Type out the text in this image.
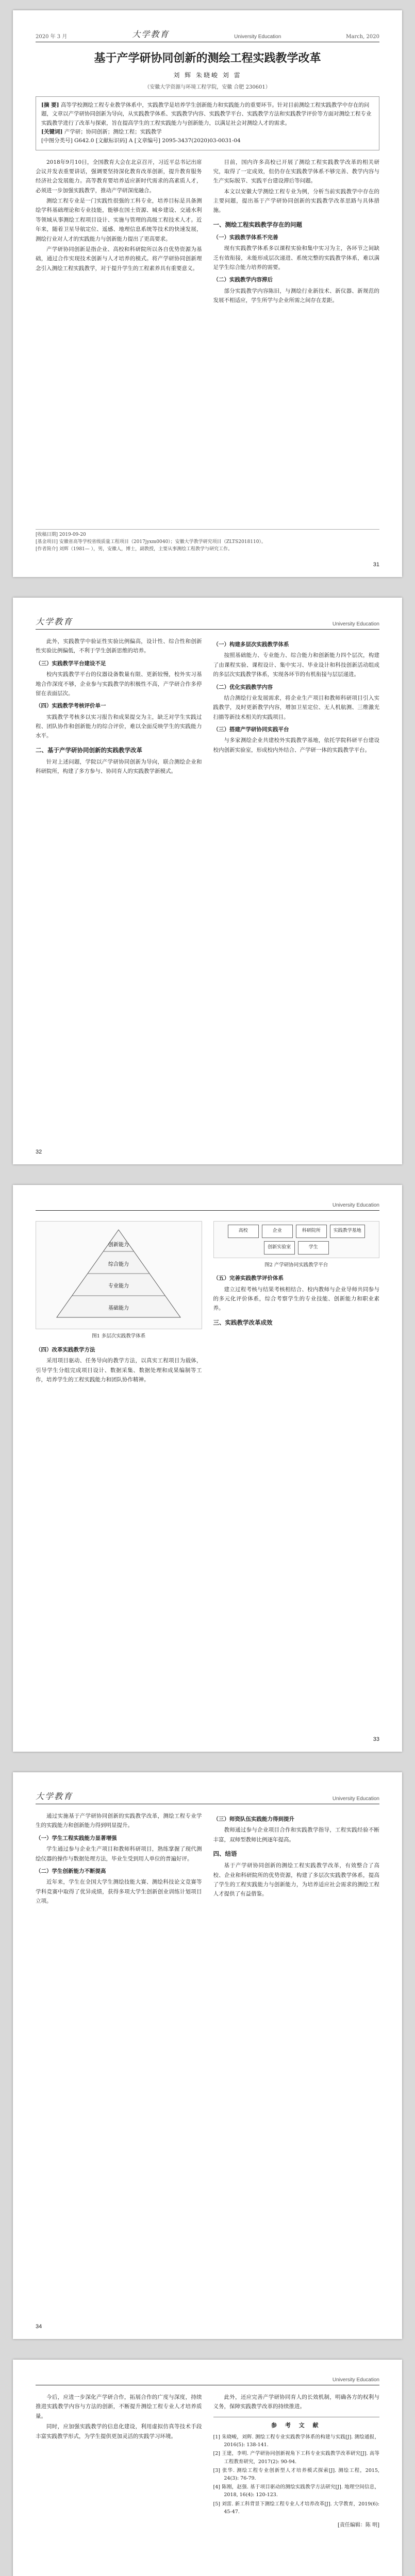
2020 年 3 月	大学教育	University Education	March, 2020
基于产学研协同创新的测绘工程实践教学改革
刘 辉 朱晓峻 刘 雷
（安徽大学资源与环境工程学院，安徽 合肥 230601）
[摘 要] 高等学校测绘工程专业教学体系中，实践教学是培养学生创新能力和实践能力的重要环节。针对目前测绘工程实践教学中存在的问题，文章以产学研协同创新为导向，从实践教学体系、实践教学内容、实践教学平台、实践教学方法和实践教学评价等方面对测绘工程专业实践教学进行了改革与探索，旨在提高学生的工程实践能力与创新能力，以满足社会对测绘人才的需求。
[关键词] 产学研；协同创新；测绘工程；实践教学
[中图分类号] G642.0 [文献标识码] A [文章编号] 2095-3437(2020)03-0031-04

2018年9月10日，全国教育大会在北京召开，习近平总书记出席会议并发表重要讲话，强调要坚持深化教育改革创新，提升教育服务经济社会发展能力。高等教育要培养适应新时代需求的高素质人才，必须进一步加强实践教学，推动产学研深度融合。

测绘工程专业是一门实践性很强的工科专业，培养目标是具备测绘学科基础理论和专业技能，能够在国土资源、城乡建设、交通水利等领域从事测绘工程项目设计、实施与管理的高级工程技术人才。近年来，随着卫星导航定位、遥感、地理信息系统等技术的快速发展，测绘行业对人才的实践能力与创新能力提出了更高要求。

产学研协同创新是指企业、高校和科研院所以各自优势资源为基础，通过合作实现技术创新与人才培养的模式。将产学研协同创新理念引入测绘工程实践教学，对于提升学生的工程素养具有重要意义。

目前，国内许多高校已开展了测绘工程实践教学改革的相关研究，取得了一定成效，但仍存在实践教学体系不够完善、教学内容与生产实际脱节、实践平台建设滞后等问题。

本文以安徽大学测绘工程专业为例，分析当前实践教学中存在的主要问题，提出基于产学研协同创新的实践教学改革思路与具体措施。

一、测绘工程实践教学存在的问题
（一）实践教学体系不完善

现有实践教学体系多以课程实验和集中实习为主，各环节之间缺乏有效衔接，未能形成层次递进、系统完整的实践教学体系，难以满足学生综合能力培养的需要。

（二）实践教学内容滞后

部分实践教学内容陈旧，与测绘行业新技术、新仪器、新规范的发展不相适应，学生所学与企业所需之间存在差距。

[收稿日期] 2019-09-20
[基金项目] 安徽省高等学校省级质量工程项目（2017jyxm0040）；安徽大学教学研究项目（ZLTS2018110）。
[作者简介] 刘辉（1981— ），男，安徽人，博士，副教授，主要从事测绘工程教学与研究工作。
31
大学教育	University Education

此外，实践教学中验证性实验比例偏高，设计性、综合性和创新性实验比例偏低，不利于学生创新思维的培养。

（三）实践教学平台建设不足

校内实践教学平台的仪器设备数量有限、更新较慢，校外实习基地合作深度不够，企业参与实践教学的积极性不高，产学研合作多停留在表面层次。

（四）实践教学考核评价单一

实践教学考核多以实习报告和成果提交为主，缺乏对学生实践过程、团队协作和创新能力的综合评价，难以全面反映学生的实践能力水平。

二、基于产学研协同创新的实践教学改革

针对上述问题，学院以产学研协同创新为导向，联合测绘企业和科研院所，构建了多方参与、协同育人的实践教学新模式。

（一）构建多层次实践教学体系

按照基础能力、专业能力、综合能力和创新能力四个层次，构建了由课程实验、课程设计、集中实习、毕业设计和科技创新活动组成的多层次实践教学体系，实现各环节的有机衔接与层层递进。

（二）优化实践教学内容

结合测绘行业发展需求，将企业生产项目和教师科研项目引入实践教学，及时更新教学内容，增加卫星定位、无人机航测、三维激光扫描等新技术相关的实践项目。

（三）搭建产学研协同实践平台

与多家测绘企业共建校外实践教学基地，依托学院科研平台建设校内创新实验室，形成校内外结合、产学研一体的实践教学平台。

32
University Education
创新能力
综合能力
专业能力
基础能力
图1 多层次实践教学体系
（四）改革实践教学方法

采用项目驱动、任务导向的教学方法，以真实工程项目为载体，引导学生分组完成项目设计、数据采集、数据处理和成果编制等工作，培养学生的工程实践能力和团队协作精神。

高校	企业	科研院所	实践教学基地
创新实验室	学生
图2 产学研协同实践教学平台
（五）完善实践教学评价体系

建立过程考核与结果考核相结合、校内教师与企业导师共同参与的多元化评价体系，综合考察学生的专业技能、创新能力和职业素养。

三、实践教学改革成效
33
大学教育	University Education

通过实施基于产学研协同创新的实践教学改革，测绘工程专业学生的实践能力和创新能力得到明显提升。

（一）学生工程实践能力显著增强

学生通过参与企业生产项目和教师科研项目，熟练掌握了现代测绘仪器的操作与数据处理方法，毕业生受到用人单位的普遍好评。

（二）学生创新能力不断提高

近年来，学生在全国大学生测绘技能大赛、测绘科技论文竞赛等学科竞赛中取得了优异成绩，获得多项大学生创新创业训练计划项目立项。

（三）师资队伍实践能力得到提升

教师通过参与企业项目合作和实践教学指导，工程实践经验不断丰富，双师型教师比例逐年提高。

四、结语

基于产学研协同创新的测绘工程实践教学改革，有效整合了高校、企业和科研院所的优势资源，构建了多层次实践教学体系，提高了学生的工程实践能力与创新能力，为培养适应社会需求的测绘工程人才提供了有益借鉴。

34
University Education

今后，应进一步深化产学研合作，拓展合作的广度与深度，持续推进实践教学内容与方法的创新，不断提升测绘工程专业人才培养质量。

同时，应加强实践教学的信息化建设，利用虚拟仿真等技术手段丰富实践教学形式，为学生提供更加灵活的实践学习环境。

此外，还应完善产学研协同育人的长效机制，明确各方的权利与义务，保障实践教学改革的持续推进。

参 考 文 献
[1] 朱晓峻，刘辉. 测绘工程专业实践教学体系的构建与实践[J]. 测绘通报，2016(5): 138-141.
[2] 王建，李明. 产学研协同创新视角下工科专业实践教学改革研究[J]. 高等工程教育研究，2017(2): 90-94.
[3] 张华. 测绘工程专业创新型人才培养模式探索[J]. 测绘工程，2015, 24(3): 76-79.
[4] 陈刚，赵强. 基于项目驱动的测绘实践教学方法研究[J]. 地理空间信息，2018, 16(4): 120-123.
[5] 刘雷. 新工科背景下测绘工程专业人才培养改革[J]. 大学教育，2019(6): 45-47.
[责任编辑：陈 明]
